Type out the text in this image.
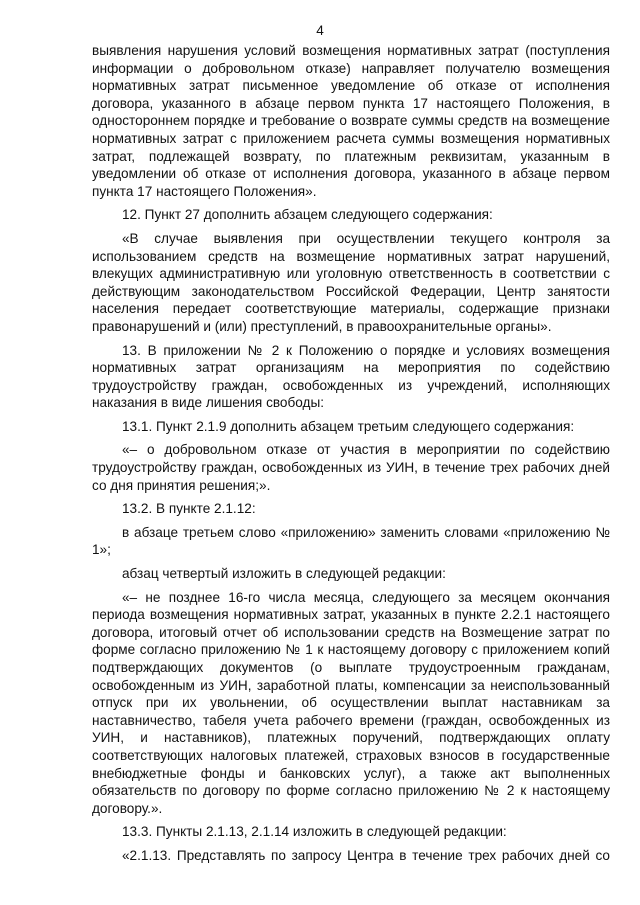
4

выявления нарушения условий возмещения нормативных затрат (поступления информации о добровольном отказе) направляет получателю возмещения нормативных затрат письменное уведомление об отказе от исполнения договора, указанного в абзаце первом пункта 17 настоящего Положения, в одностороннем порядке и требование о возврате суммы средств на возмещение нормативных затрат с приложением расчета суммы возмещения нормативных затрат, подлежащей возврату, по платежным реквизитам, указанным в уведомлении об отказе от исполнения договора, указанного в абзаце первом пункта 17 настоящего Положения».

12. Пункт 27 дополнить абзацем следующего содержания:

«В случае выявления при осуществлении текущего контроля за использованием средств на возмещение нормативных затрат нарушений, влекущих административную или уголовную ответственность в соответствии с действующим законодательством Российской Федерации, Центр занятости населения передает соответствующие материалы, содержащие признаки правонарушений и (или) преступлений, в правоохранительные органы».

13. В приложении № 2 к Положению о порядке и условиях возмещения нормативных затрат организациям на мероприятия по содействию трудоустройству граждан, освобожденных из учреждений, исполняющих наказания в виде лишения свободы:

13.1. Пункт 2.1.9 дополнить абзацем третьим следующего содержания:

«– о добровольном отказе от участия в мероприятии по содействию трудоустройству граждан, освобожденных из УИН, в течение трех рабочих дней со дня принятия решения;».

13.2. В пункте 2.1.12:

в абзаце третьем слово «приложению» заменить словами «приложению № 1»;

абзац четвертый изложить в следующей редакции:

«– не позднее 16-го числа месяца, следующего за месяцем окончания периода возмещения нормативных затрат, указанных в пункте 2.2.1 настоящего договора, итоговый отчет об использовании средств на Возмещение затрат по форме согласно приложению № 1 к настоящему договору с приложением копий подтверждающих документов (о выплате трудоустроенным гражданам, освобожденным из УИН, заработной платы, компенсации за неиспользованный отпуск при их увольнении, об осуществлении выплат наставникам за наставничество, табеля учета рабочего времени (граждан, освобожденных из УИН, и наставников), платежных поручений, подтверждающих оплату соответствующих налоговых платежей, страховых взносов в государственные внебюджетные фонды и банковских услуг), а также акт выполненных обязательств по договору по форме согласно приложению № 2 к настоящему договору.».

13.3. Пункты 2.1.13, 2.1.14 изложить в следующей редакции:

«2.1.13. Представлять по запросу Центра в течение трех рабочих дней со
